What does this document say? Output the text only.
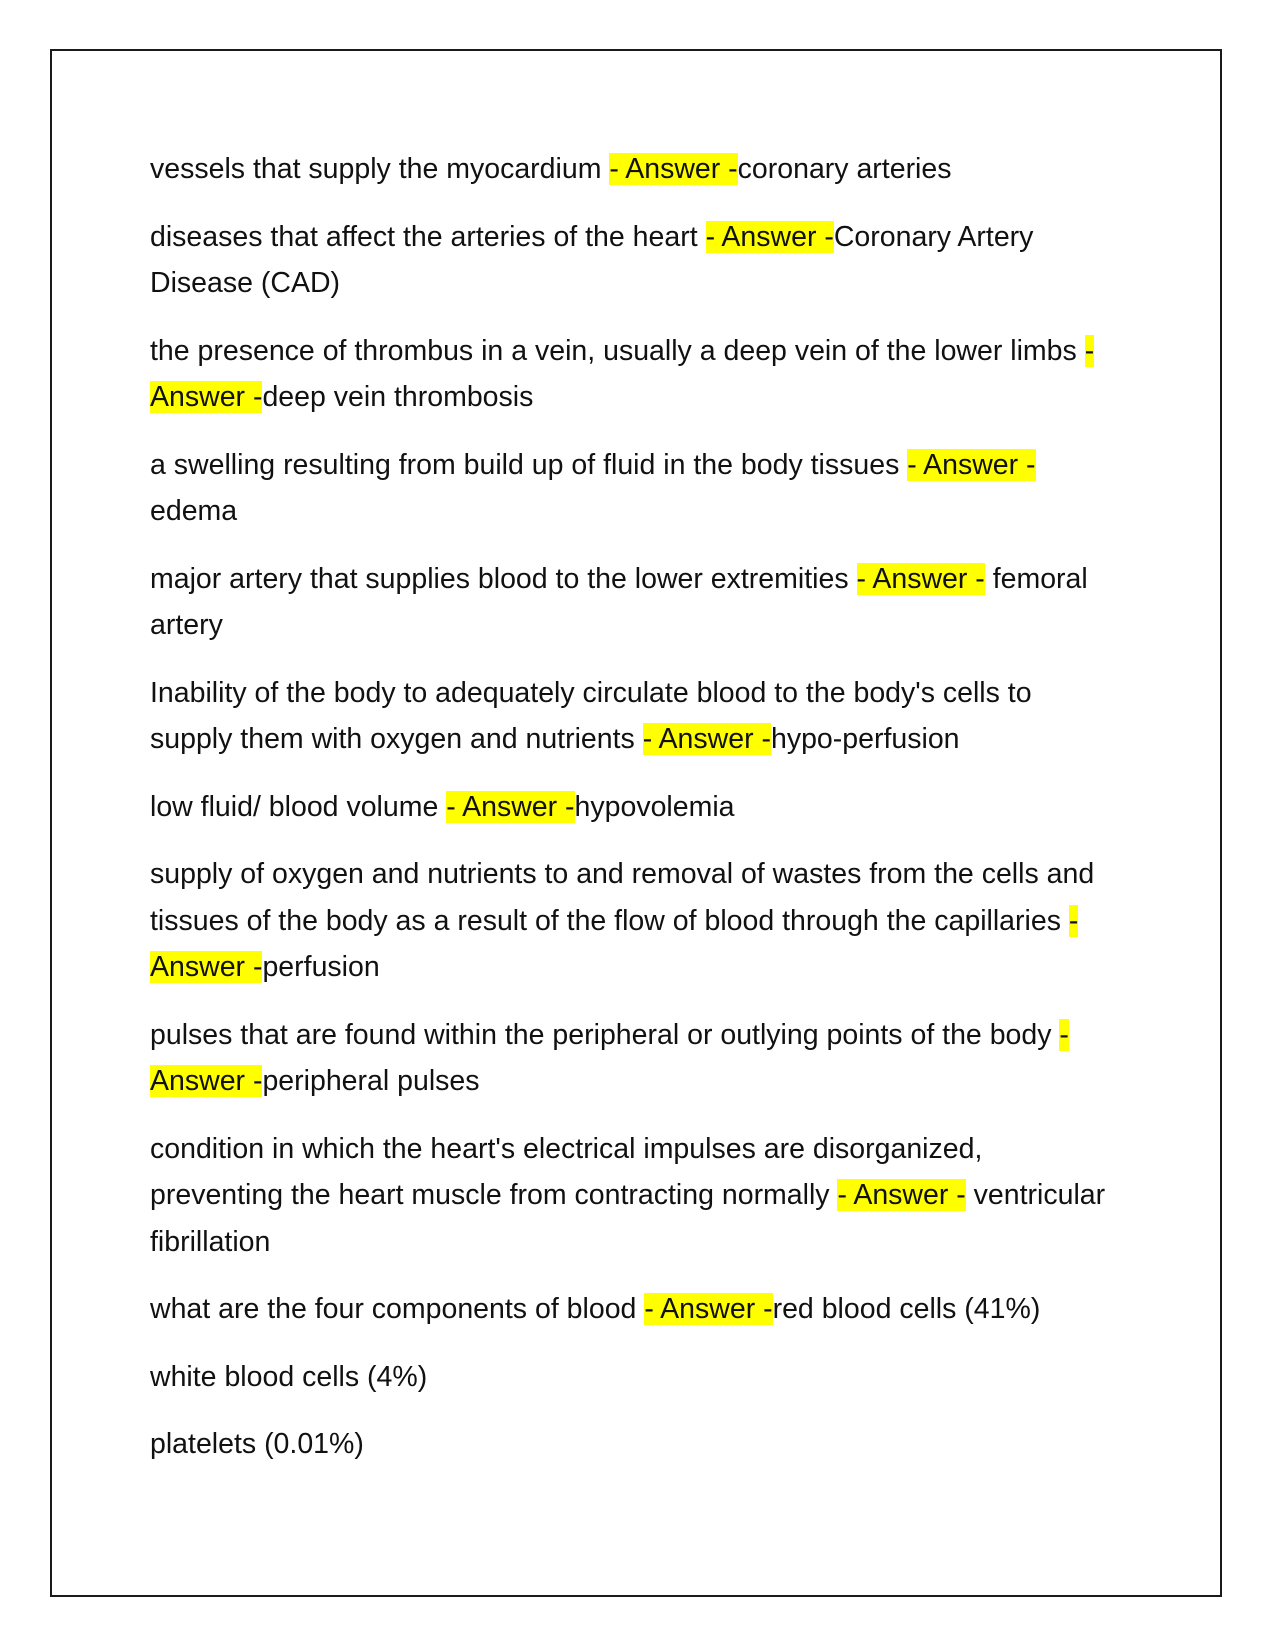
vessels that supply the myocardium - Answer -coronary arteries

diseases that affect the arteries of the heart - Answer -Coronary Artery Disease (CAD)

the presence of thrombus in a vein, usually a deep vein of the lower limbs - Answer -deep vein thrombosis

a swelling resulting from build up of fluid in the body tissues - Answer - edema

major artery that supplies blood to the lower extremities - Answer - femoral artery

Inability of the body to adequately circulate blood to the body's cells to supply them with oxygen and nutrients - Answer -hypo-perfusion

low fluid/ blood volume - Answer -hypovolemia

supply of oxygen and nutrients to and removal of wastes from the cells and tissues of the body as a result of the flow of blood through the capillaries - Answer -perfusion

pulses that are found within the peripheral or outlying points of the body - Answer -peripheral pulses

condition in which the heart's electrical impulses are disorganized, preventing the heart muscle from contracting normally - Answer - ventricular fibrillation

what are the four components of blood - Answer -red blood cells (41%)

white blood cells (4%)

platelets (0.01%)
